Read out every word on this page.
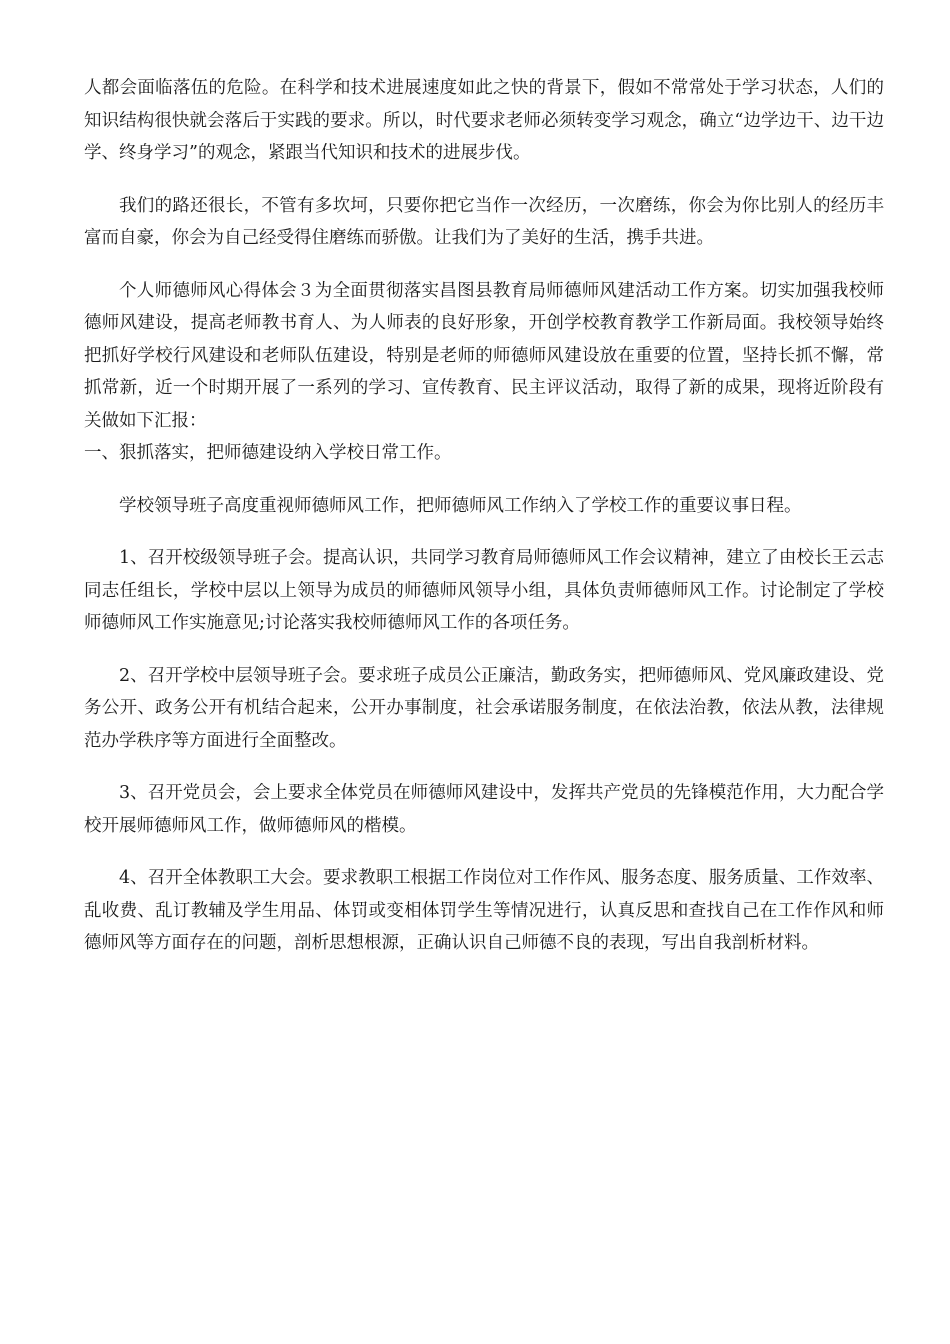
人都会面临落伍的危险。在科学和技术进展速度如此之快的背景下，假如不常常处于学习状态，人们的知识结构很快就会落后于实践的要求。所以，时代要求老师必须转变学习观念，确立“边学边干、边干边学、终身学习”的观念，紧跟当代知识和技术的进展步伐。

我们的路还很长，不管有多坎坷，只要你把它当作一次经历，一次磨练，你会为你比别人的经历丰富而自豪，你会为自己经受得住磨练而骄傲。让我们为了美好的生活，携手共进。

个人师德师风心得体会３为全面贯彻落实昌图县教育局师德师风建活动工作方案。切实加强我校师德师风建设，提高老师教书育人、为人师表的良好形象，开创学校教育教学工作新局面。我校领导始终把抓好学校行风建设和老师队伍建设，特别是老师的师德师风建设放在重要的位置，坚持长抓不懈，常抓常新，近一个时期开展了一系列的学习、宣传教育、民主评议活动，取得了新的成果，现将近阶段有关做如下汇报：

一、狠抓落实，把师德建设纳入学校日常工作。

学校领导班子高度重视师德师风工作，把师德师风工作纳入了学校工作的重要议事日程。

1、召开校级领导班子会。提高认识，共同学习教育局师德师风工作会议精神，建立了由校长王云志同志任组长，学校中层以上领导为成员的师德师风领导小组，具体负责师德师风工作。讨论制定了学校师德师风工作实施意见;讨论落实我校师德师风工作的各项任务。

2、召开学校中层领导班子会。要求班子成员公正廉洁，勤政务实，把师德师风、党风廉政建设、党务公开、政务公开有机结合起来，公开办事制度，社会承诺服务制度，在依法治教，依法从教，法律规范办学秩序等方面进行全面整改。

3、召开党员会，会上要求全体党员在师德师风建设中，发挥共产党员的先锋模范作用，大力配合学校开展师德师风工作，做师德师风的楷模。

4、召开全体教职工大会。要求教职工根据工作岗位对工作作风、服务态度、服务质量、工作效率、乱收费、乱订教辅及学生用品、体罚或变相体罚学生等情况进行，认真反思和查找自己在工作作风和师德师风等方面存在的问题，剖析思想根源，正确认识自己师德不良的表现，写出自我剖析材料。
